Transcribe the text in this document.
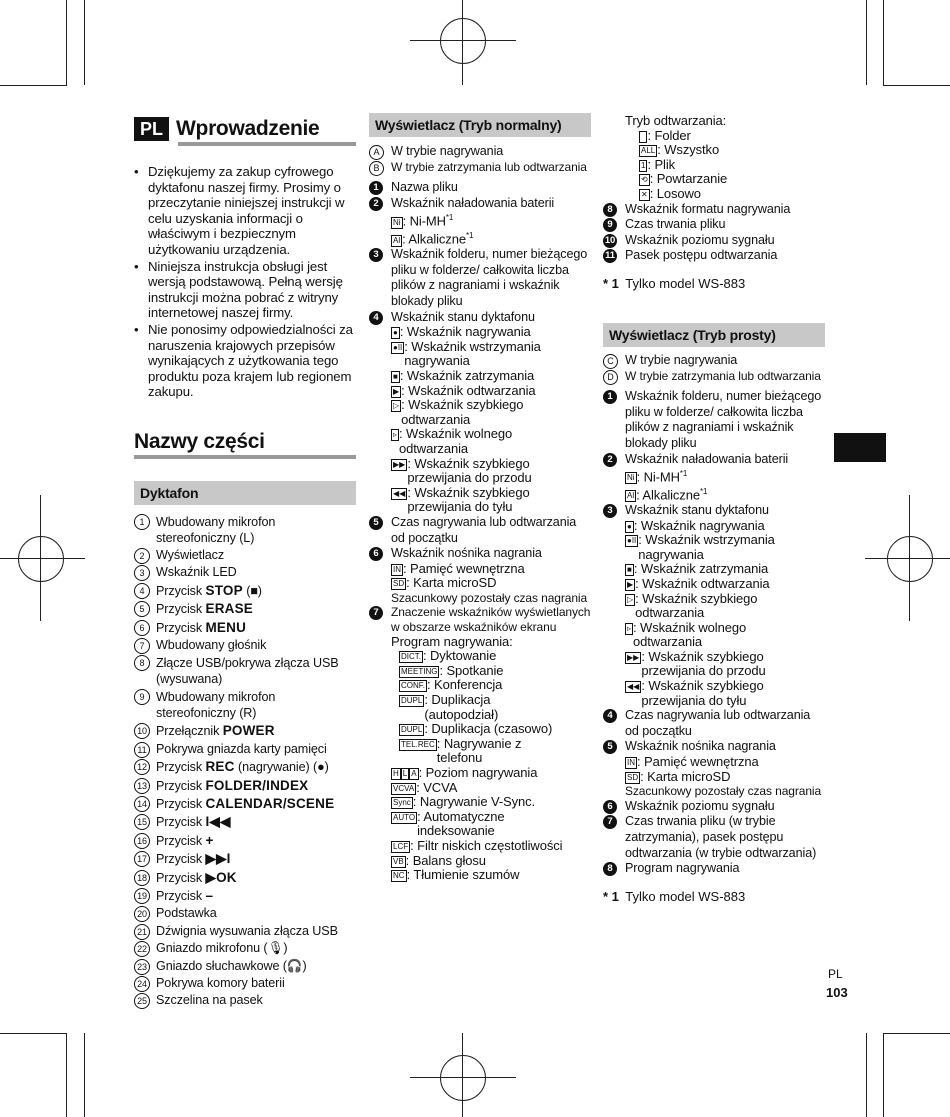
PL Wprowadzenie
• Dziękujemy za zakup cyfrowego dyktafonu naszej firmy. Prosimy o przeczytanie niniejszej instrukcji w celu uzyskania informacji o właściwym i bezpiecznym użytkowaniu urządzenia.
• Niniejsza instrukcja obsługi jest wersją podstawową. Pełną wersję instrukcji można pobrać z witryny internetowej naszej firmy.
• Nie ponosimy odpowiedzialności za naruszenia krajowych przepisów wynikających z użytkowania tego produktu poza krajem lub regionem zakupu.
Nazwy części
Dyktafon
1 Wbudowany mikrofon stereofoniczny (L)
2 Wyświetlacz
3 Wskaźnik LED
4 Przycisk STOP (■)
5 Przycisk ERASE
6 Przycisk MENU
7 Wbudowany głośnik
8 Złącze USB/pokrywa złącza USB (wysuwana)
9 Wbudowany mikrofon stereofoniczny (R)
10 Przełącznik POWER
11 Pokrywa gniazda karty pamięci
12 Przycisk REC (nagrywanie) (●)
13 Przycisk FOLDER/INDEX
14 Przycisk CALENDAR/SCENE
15 Przycisk I◀◀
16 Przycisk +
17 Przycisk ▶▶I
18 Przycisk ▶OK
19 Przycisk –
20 Podstawka
21 Dźwignia wysuwania złącza USB
22 Gniazdo mikrofonu (🎙)
23 Gniazdo słuchawkowe (🎧)
24 Pokrywa komory baterii
25 Szczelina na pasek
Wyświetlacz (Tryb normalny)
A W trybie nagrywania
B W trybie zatrzymania lub odtwarzania
1 Nazwa pliku
2 Wskaźnik naładowania baterii
Ni : Ni-MH$^{*1}$
Al : Alkaliczne$^{*1}$
3 Wskaźnik folderu, numer bieżącego pliku w folderze/ całkowita liczba plików z nagraniami i wskaźnik blokady pliku
4 Wskaźnik stanu dyktafonu
● : Wskaźnik nagrywania
●II : Wskaźnik wstrzymania nagrywania
■ : Wskaźnik zatrzymania
▶ : Wskaźnik odtwarzania
▷ : Wskaźnik szybkiego odtwarzania
▹ : Wskaźnik wolnego odtwarzania
▶▶ : Wskaźnik szybkiego przewijania do przodu
◀◀ : Wskaźnik szybkiego przewijania do tyłu
5 Czas nagrywania lub odtwarzania od początku
6 Wskaźnik nośnika nagrania
IN : Pamięć wewnętrzna
SD : Karta microSD
Szacunkowy pozostały czas nagrania
7	Znaczenie wskaźników wyświetlanych w obszarze wskaźników ekranu
Program nagrywania:
DICT. : Dyktowanie
MEETING : Spotkanie
CONF. : Konferencja
DUPL : Duplikacja (autopodział)
DUPL : Duplikacja (czasowo)
TEL.REC : Nagrywanie z telefonu
H L A : Poziom nagrywania
VCVA : VCVA
Sync : Nagrywanie V-Sync.
AUTO : Automatyczne indeksowanie
LCF : Filtr niskich częstotliwości
VB : Balans głosu
NC : Tłumienie szumów
Tryb odtwarzania:
: Folder
ALL : Wszystko
1 : Plik
⟲ : Powtarzanie
✕ : Losowo
8 Wskaźnik formatu nagrywania
9 Czas trwania pliku
10 Wskaźnik poziomu sygnału
11 Pasek postępu odtwarzania
* 1 Tylko model WS-883
Wyświetlacz (Tryb prosty)
C W trybie nagrywania
D W trybie zatrzymania lub odtwarzania
1 Wskaźnik folderu, numer bieżącego pliku w folderze/ całkowita liczba plików z nagraniami i wskaźnik blokady pliku
2 Wskaźnik naładowania baterii
Ni : Ni-MH$^{*1}$
Al : Alkaliczne$^{*1}$
3 Wskaźnik stanu dyktafonu
● : Wskaźnik nagrywania
●II : Wskaźnik wstrzymania nagrywania
■ : Wskaźnik zatrzymania
▶ : Wskaźnik odtwarzania
▷ : Wskaźnik szybkiego odtwarzania
▹ : Wskaźnik wolnego odtwarzania
▶▶ : Wskaźnik szybkiego przewijania do przodu
◀◀ : Wskaźnik szybkiego przewijania do tyłu
4 Czas nagrywania lub odtwarzania od początku
5 Wskaźnik nośnika nagrania
IN : Pamięć wewnętrzna
SD : Karta microSD
Szacunkowy pozostały czas nagrania
6 Wskaźnik poziomu sygnału
7 Czas trwania pliku (w trybie zatrzymania), pasek postępu odtwarzania (w trybie odtwarzania)
8 Program nagrywania
* 1 Tylko model WS-883
PL
103
